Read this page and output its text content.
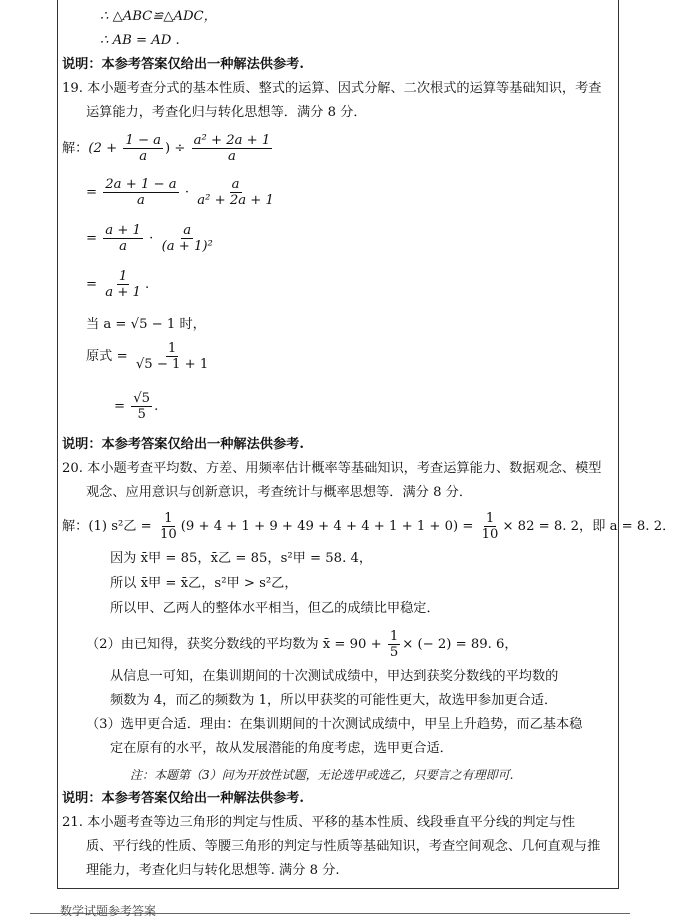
∴ △ABC≌△ADC，
∴ AB = AD .
说明：本参考答案仅给出一种解法供参考.
19. 本小题考查分式的基本性质、整式的运算、因式分解、二次根式的运算等基础知识，考查
运算能力，考查化归与转化思想等．满分 8 分．
解：($2 + \frac{1 - a}{a}$ ) ÷ $\frac{\text{a² + 2a + 1}}{a}$
= $\frac{2a + 1 - a}{a} \cdot \frac{a}{\text{a² + 2a + 1}}$
= $\frac{a + 1}{a} \cdot \frac{a}{\text{(a + 1)²}}$
= $\frac{1}{a + 1}$ .
当 a = √5 − 1 时，
原式 = $\frac{1}{√5 - 1 + 1}$
= $\frac{√5}{5}$ .
说明：本参考答案仅给出一种解法供参考.
20. 本小题考查平均数、方差、用频率估计概率等基础知识，考查运算能力、数据观念、模型
观念、应用意识与创新意识，考查统计与概率思想等．满分 8 分．
解：(1) s²乙 = $\frac{1}{10} (9 + 4 + 1 + 9 + 49 + 4 + 4 + 1 + 1 + 0) = \frac{1}{10} \times 82 = 8$. 2，即 a = 8. 2．
因为 x̄甲 = 85，x̄乙 = 85，s²甲 = 58. 4，
所以 x̄甲 = x̄乙，s²甲 > s²乙，
所以甲、乙两人的整体水平相当，但乙的成绩比甲稳定．
（2）由已知得，获奖分数线的平均数为 x̄ = $90 + \frac{1}{5}$ × (− 2) = 89. 6，
从信息一可知，在集训期间的十次测试成绩中，甲达到获奖分数线的平均数的
频数为 4，而乙的频数为 1，所以甲获奖的可能性更大，故选甲参加更合适．
（3）选甲更合适．理由：在集训期间的十次测试成绩中，甲呈上升趋势，而乙基本稳
定在原有的水平，故从发展潜能的角度考虑，选甲更合适．
注：本题第（3）问为开放性试题，无论选甲或选乙，只要言之有理即可.
说明：本参考答案仅给出一种解法供参考.
21. 本小题考查等边三角形的判定与性质、平移的基本性质、线段垂直平分线的判定与性
质、平行线的性质、等腰三角形的判定与性质等基础知识，考查空间观念、几何直观与推
理能力，考查化归与转化思想等. 满分 8 分.
数学试题参考答案
